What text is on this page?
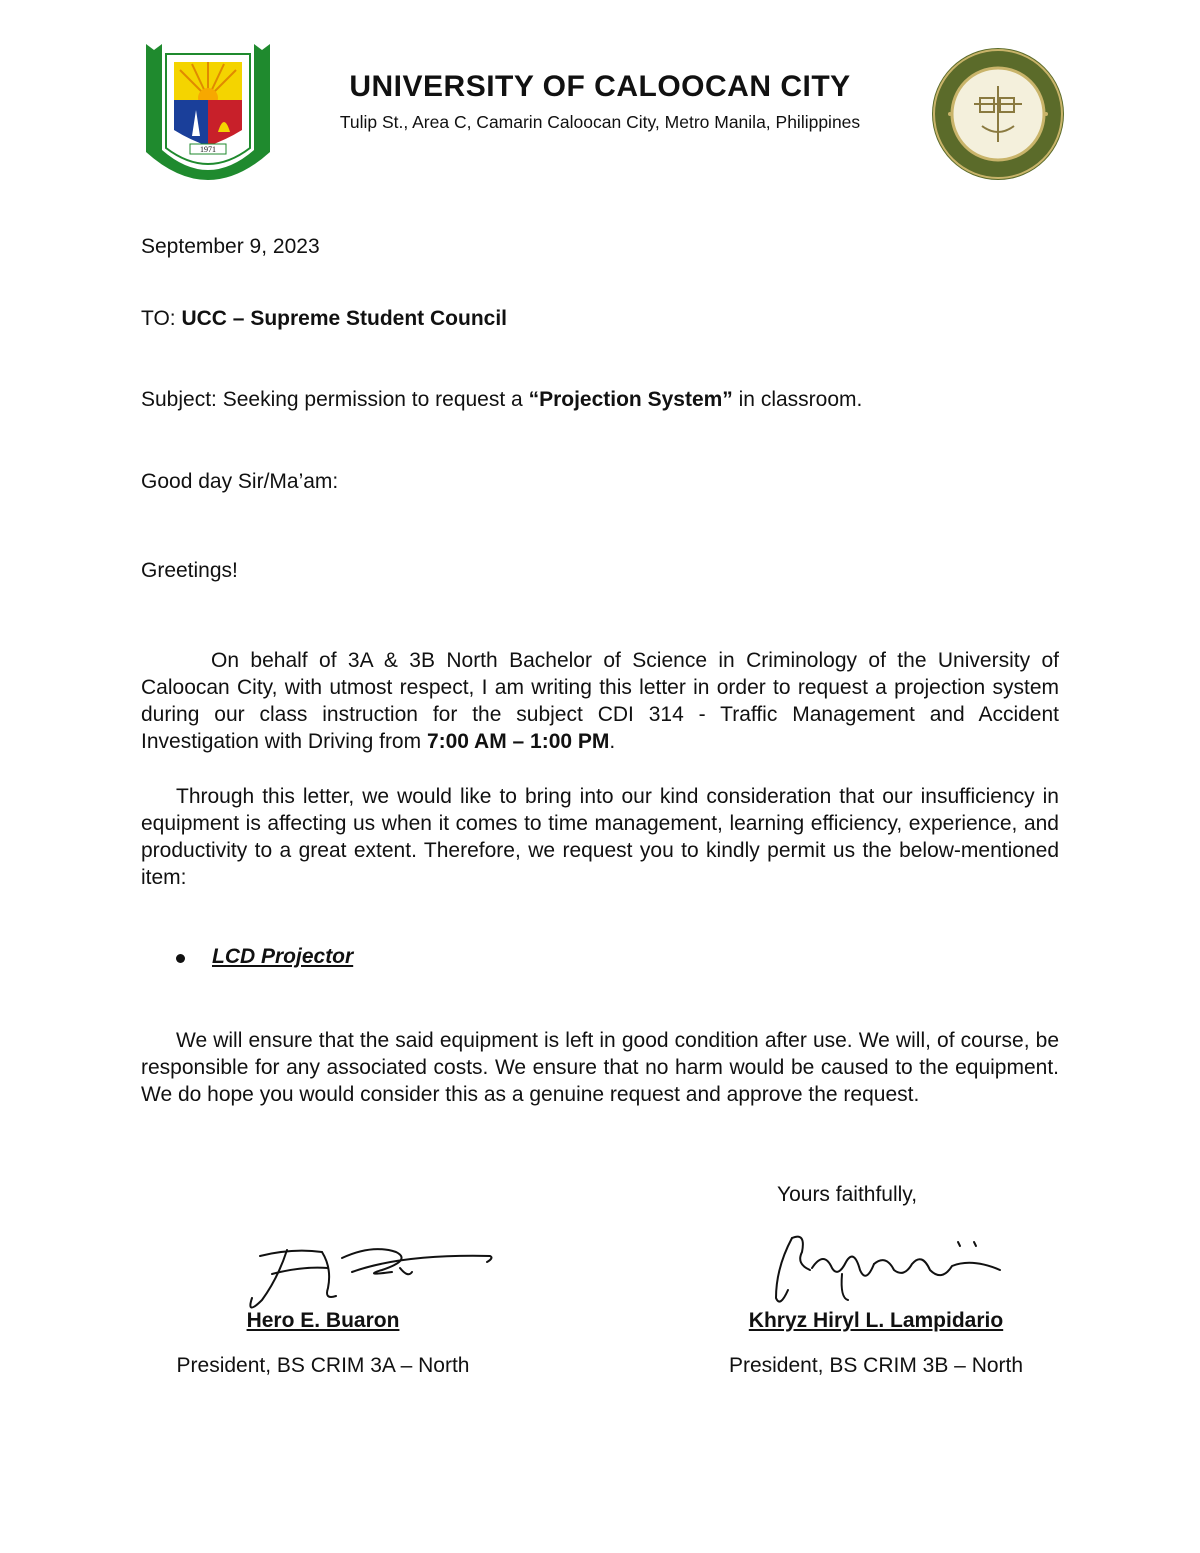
1971
UNIVERSITY OF CALOOCAN CITY
Tulip St., Area C, Camarin Caloocan City, Metro Manila, Philippines
September 9, 2023
TO: UCC – Supreme Student Council
Subject: Seeking permission to request a “Projection System” in classroom.
Good day Sir/Ma’am:
Greetings!
On behalf of 3A & 3B North Bachelor of Science in Criminology of the University of Caloocan City, with utmost respect, I am writing this letter in order to request a projection system during our class instruction for the subject CDI 314 - Traffic Management and Accident Investigation with Driving from 7:00 AM – 1:00 PM.
Through this letter, we would like to bring into our kind consideration that our insufficiency in equipment is affecting us when it comes to time management, learning efficiency, experience, and productivity to a great extent. Therefore, we request you to kindly permit us the below-mentioned item:
LCD Projector
We will ensure that the said equipment is left in good condition after use. We will, of course, be responsible for any associated costs. We ensure that no harm would be caused to the equipment. We do hope you would consider this as a genuine request and approve the request.
Yours faithfully,
Hero E. Buaron
President, BS CRIM 3A – North
Khryz Hiryl L. Lampidario
President, BS CRIM 3B – North
